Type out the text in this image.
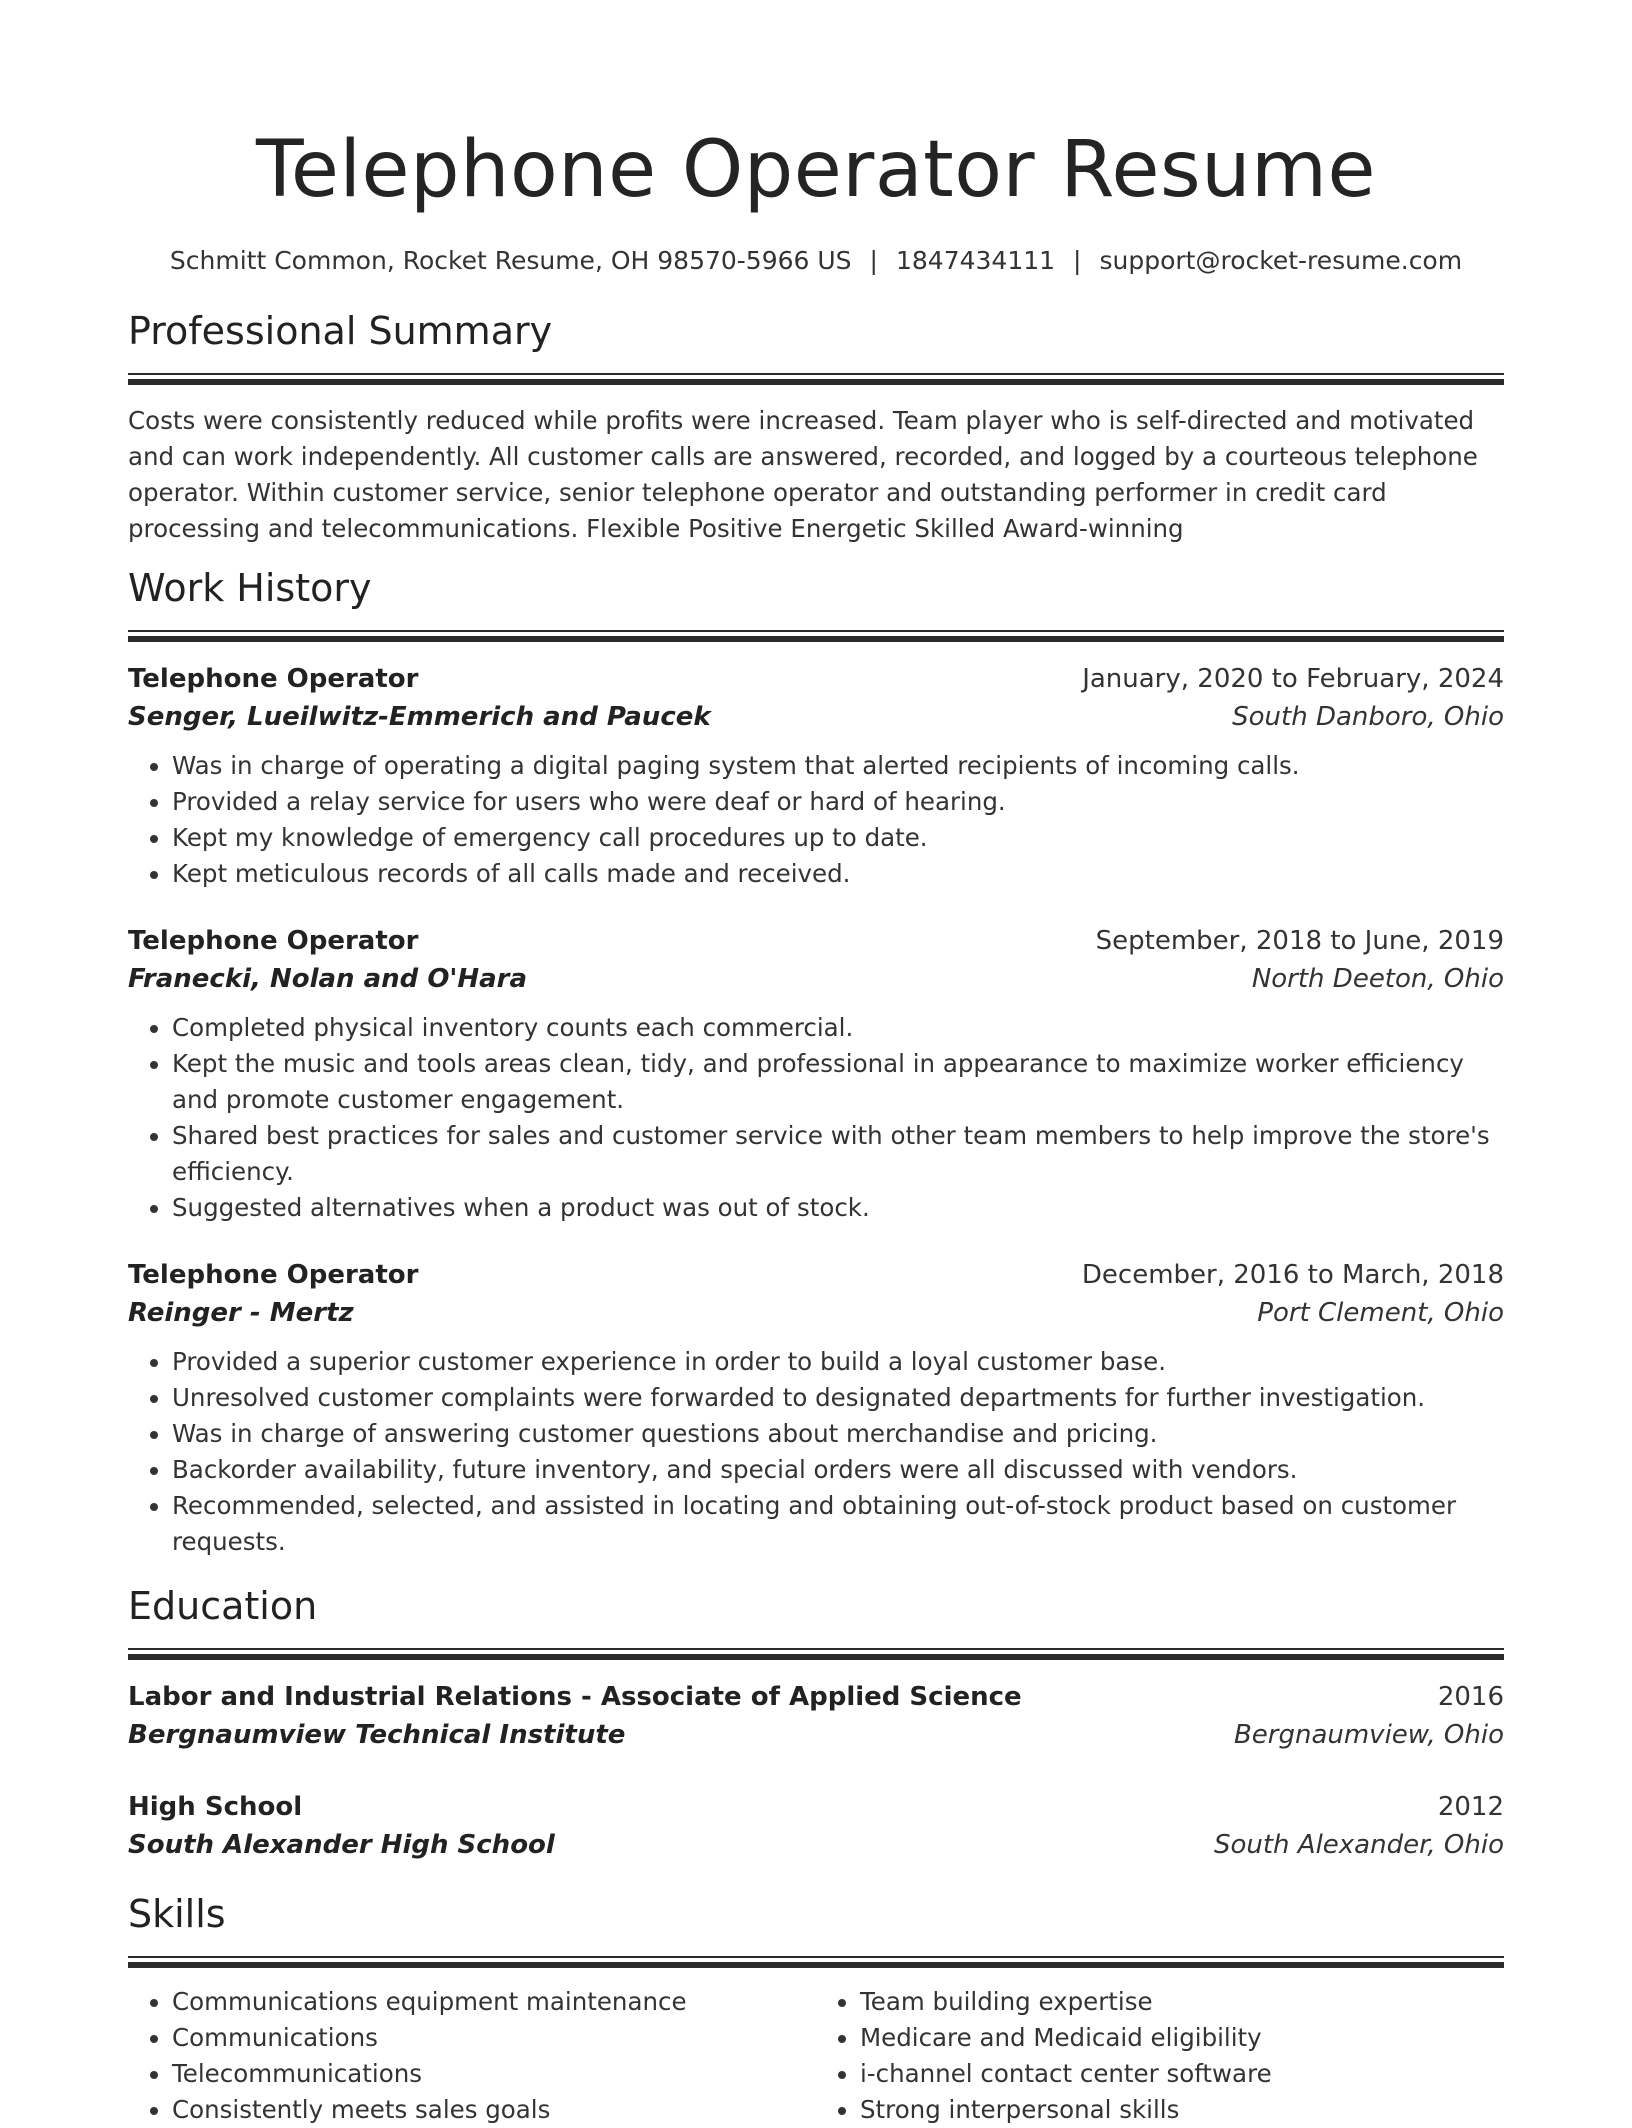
Telephone Operator Resume
Schmitt Common, Rocket Resume, OH 98570-5966 US | 1847434111 | support@rocket-resume.com
Professional Summary
Costs were consistently reduced while profits were increased. Team player who is self-directed and motivated and can work independently. All customer calls are answered, recorded, and logged by a courteous telephone operator. Within customer service, senior telephone operator and outstanding performer in credit card processing and telecommunications. Flexible Positive Energetic Skilled Award-winning
Work History
Telephone Operator	January, 2020 to February, 2024
Senger, Lueilwitz-Emmerich and Paucek	South Danboro, Ohio
• Was in charge of operating a digital paging system that alerted recipients of incoming calls.
• Provided a relay service for users who were deaf or hard of hearing.
• Kept my knowledge of emergency call procedures up to date.
• Kept meticulous records of all calls made and received.
Telephone Operator	September, 2018 to June, 2019
Franecki, Nolan and O'Hara	North Deeton, Ohio
• Completed physical inventory counts each commercial.
• Kept the music and tools areas clean, tidy, and professional in appearance to maximize worker efficiency and promote customer engagement.
• Shared best practices for sales and customer service with other team members to help improve the store's efficiency.
• Suggested alternatives when a product was out of stock.
Telephone Operator	December, 2016 to March, 2018
Reinger - Mertz	Port Clement, Ohio
• Provided a superior customer experience in order to build a loyal customer base.
• Unresolved customer complaints were forwarded to designated departments for further investigation.
• Was in charge of answering customer questions about merchandise and pricing.
• Backorder availability, future inventory, and special orders were all discussed with vendors.
• Recommended, selected, and assisted in locating and obtaining out-of-stock product based on customer requests.
Education
Labor and Industrial Relations - Associate of Applied Science	2016
Bergnaumview Technical Institute	Bergnaumview, Ohio
High School	2012
South Alexander High School	South Alexander, Ohio
Skills
• Communications equipment maintenance
• Communications
• Telecommunications
• Consistently meets sales goals
• Team building expertise
• Medicare and Medicaid eligibility
• i-channel contact center software
• Strong interpersonal skills
